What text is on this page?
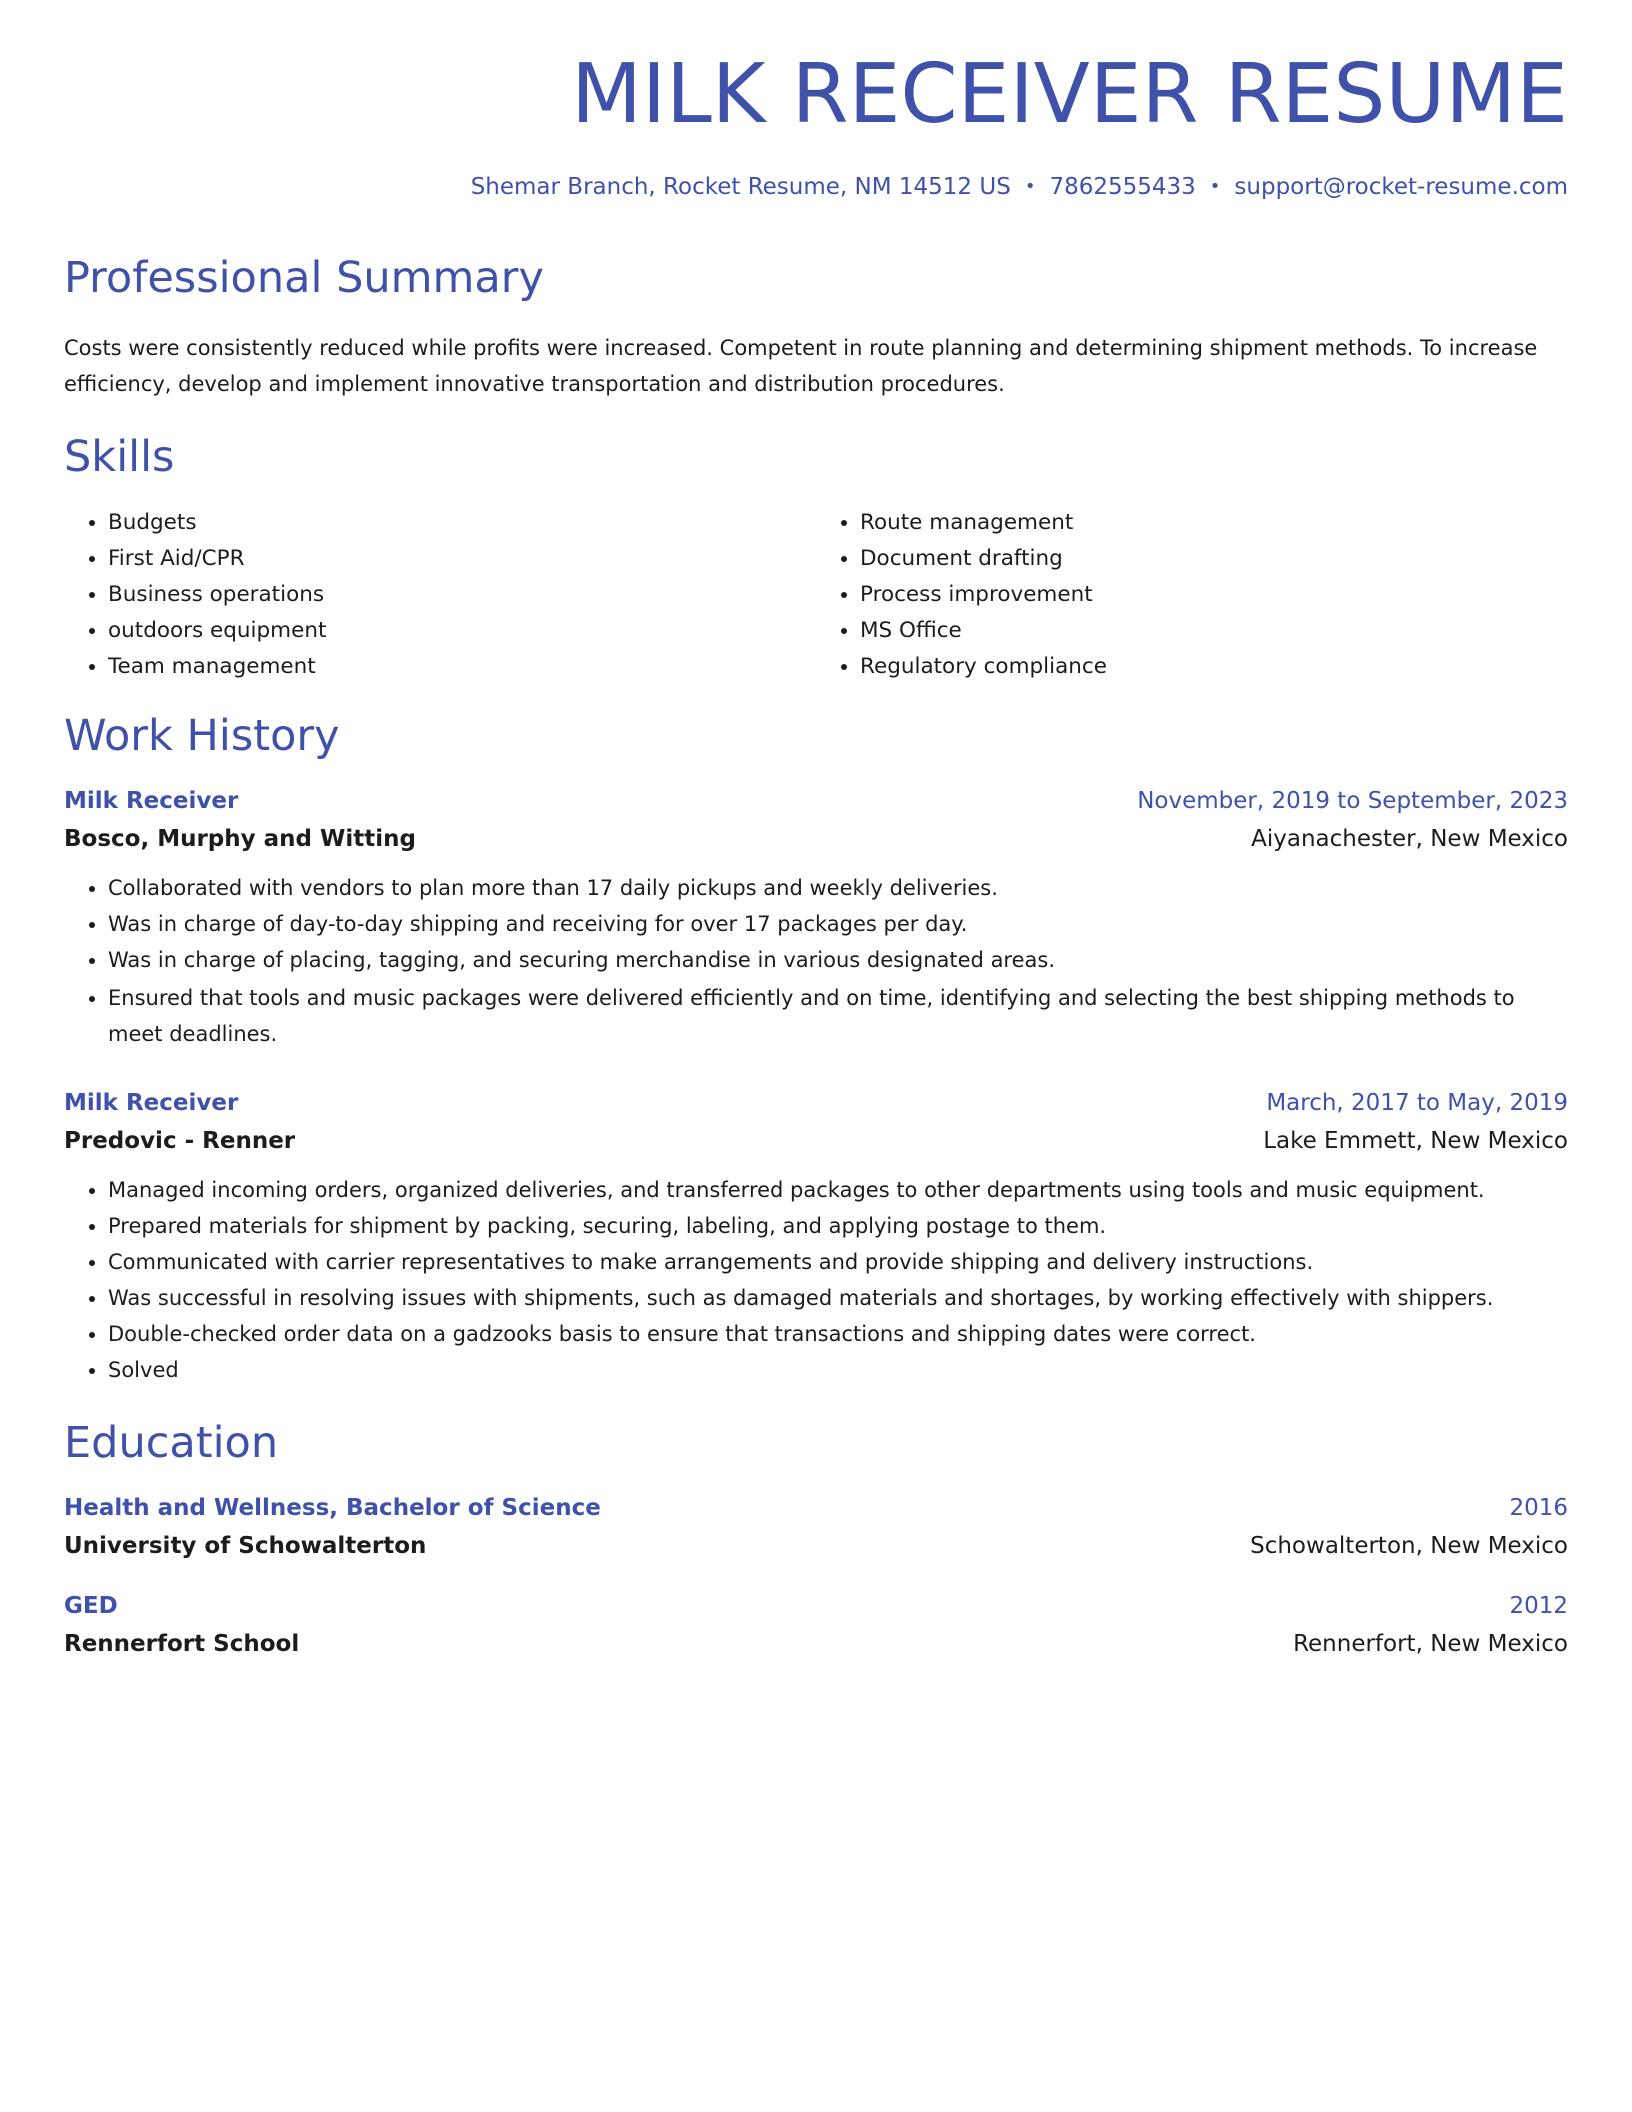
MILK RECEIVER RESUME
Shemar Branch, Rocket Resume, NM 14512 US • 7862555433 • support@rocket-resume.com
Professional Summary
Costs were consistently reduced while profits were increased. Competent in route planning and determining shipment methods. To increase efficiency, develop and implement innovative transportation and distribution procedures.
Skills
• Budgets
• First Aid/CPR
• Business operations
• outdoors equipment
• Team management
• Route management
• Document drafting
• Process improvement
• MS Office
• Regulatory compliance
Work History
Milk Receiver	November, 2019 to September, 2023
Bosco, Murphy and Witting	Aiyanachester, New Mexico
• Collaborated with vendors to plan more than 17 daily pickups and weekly deliveries.
• Was in charge of day-to-day shipping and receiving for over 17 packages per day.
• Was in charge of placing, tagging, and securing merchandise in various designated areas.
• Ensured that tools and music packages were delivered efficiently and on time, identifying and selecting the best shipping methods to meet deadlines.
Milk Receiver	March, 2017 to May, 2019
Predovic - Renner	Lake Emmett, New Mexico
• Managed incoming orders, organized deliveries, and transferred packages to other departments using tools and music equipment.
• Prepared materials for shipment by packing, securing, labeling, and applying postage to them.
• Communicated with carrier representatives to make arrangements and provide shipping and delivery instructions.
• Was successful in resolving issues with shipments, such as damaged materials and shortages, by working effectively with shippers.
• Double-checked order data on a gadzooks basis to ensure that transactions and shipping dates were correct.
• Solved
Education
Health and Wellness, Bachelor of Science	2016
University of Schowalterton	Schowalterton, New Mexico
GED	2012
Rennerfort School	Rennerfort, New Mexico
